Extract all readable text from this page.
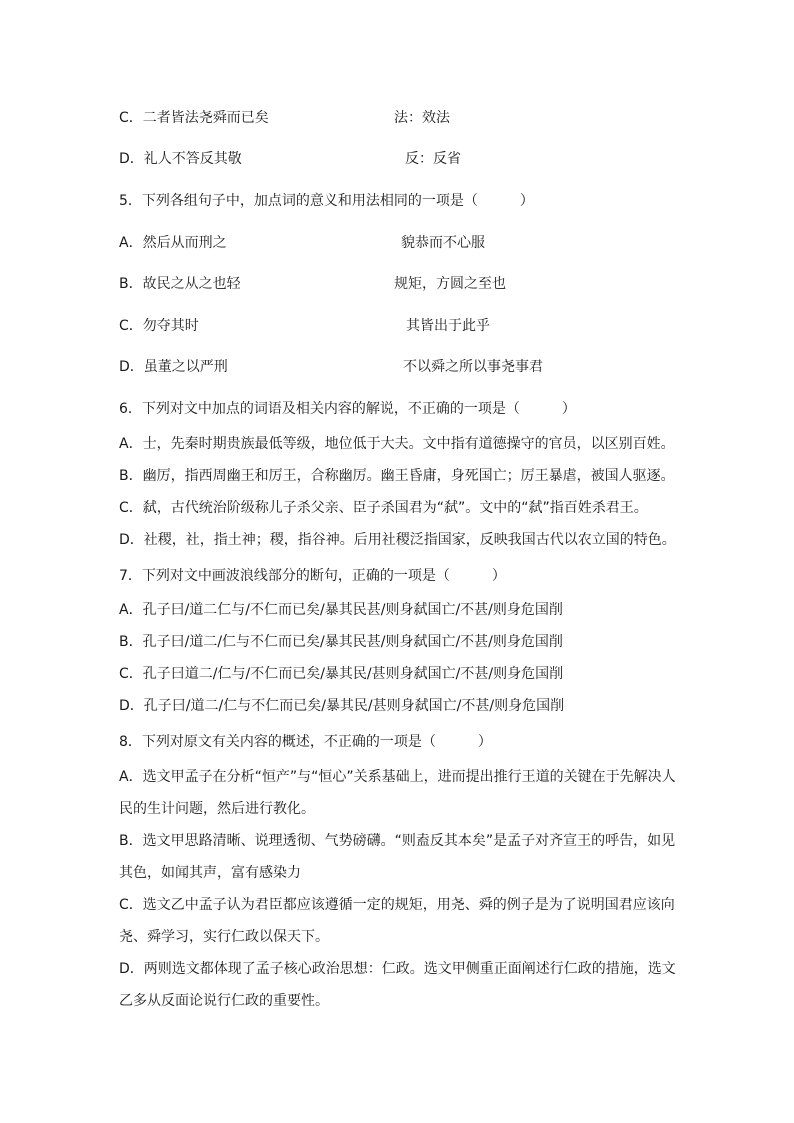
C．二者皆法尧舜而已矣	法：效法
D．礼人不答反其敬	反：反省
5．下列各组句子中，加点词的意义和用法相同的一项是（　　　）
A．然后从而刑之	貌恭而不心服
B．故民之从之也轻	规矩，方圆之至也
C．勿夺其时	其皆出于此乎
D．虽董之以严刑	不以舜之所以事尧事君
6．下列对文中加点的词语及相关内容的解说，不正确的一项是（　　　）
A．士，先秦时期贵族最低等级，地位低于大夫。文中指有道德操守的官员，以区别百姓。
B．幽厉，指西周幽王和厉王，合称幽厉。幽王昏庸，身死国亡；厉王暴虐，被国人驱逐。
C．弑，古代统治阶级称儿子杀父亲、臣子杀国君为“弑”。文中的“弑”指百姓杀君王。
D．社稷，社，指土神；稷，指谷神。后用社稷泛指国家，反映我国古代以农立国的特色。
7．下列对文中画波浪线部分的断句，正确的一项是（　　　）
A．孔子曰/道二仁与/不仁而已矣/暴其民甚/则身弑国亡/不甚/则身危国削
B．孔子曰/道二/仁与不仁而已矣/暴其民甚/则身弑国亡/不甚/则身危国削
C．孔子曰道二/仁与/不仁而已矣/暴其民/甚则身弑国亡/不甚/则身危国削
D．孔子曰/道二/仁与不仁而已矣/暴其民/甚则身弑国亡/不甚/则身危国削
8．下列对原文有关内容的概述，不正确的一项是（　　　）
A．选文甲孟子在分析“恒产”与“恒心”关系基础上，进而提出推行王道的关键在于先解决人
民的生计问题，然后进行教化。
B．选文甲思路清晰、说理透彻、气势磅礴。“则盍反其本矣”是孟子对齐宣王的呼告，如见
其色，如闻其声，富有感染力
C．选文乙中孟子认为君臣都应该遵循一定的规矩，用尧、舜的例子是为了说明国君应该向
尧、舜学习，实行仁政以保天下。
D．两则选文都体现了孟子核心政治思想：仁政。选文甲侧重正面阐述行仁政的措施，选文
乙多从反面论说行仁政的重要性。
